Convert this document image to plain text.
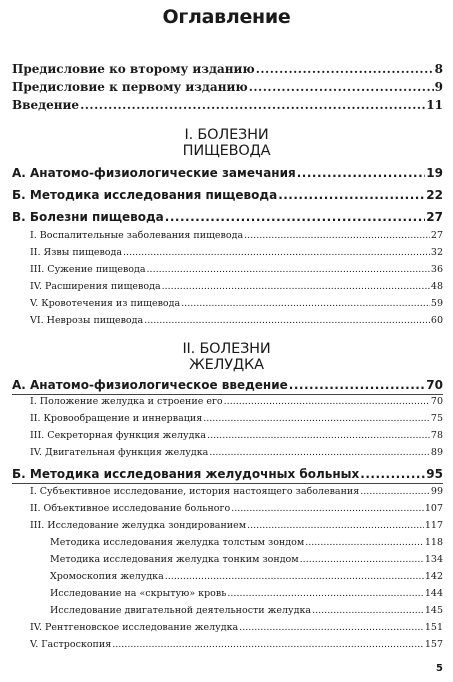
Оглавление
Предисловие ко второму изданию .....	8
Предисловие к первому изданию .....	9
Введение .....	11
I. БОЛЕЗНИ
ПИЩЕВОДА
А. Анатомо-физиологические замечания .....	19
Б. Методика исследования пищевода .....	22
В. Болезни пищевода .....	27
I. Воспалительные заболевания пищевода .....	27
II. Язвы пищевода .....	32
III. Сужение пищевода .....	36
IV. Расширения пищевода .....	48
V. Кровотечения из пищевода .....	59
VI. Неврозы пищевода .....	60
II. БОЛЕЗНИ
ЖЕЛУДКА
А. Анатомо-физиологическое введение .....	70
I. Положение желудка и строение его .....	70
II. Кровообращение и иннервация .....	75
III. Секреторная функция желудка .....	78
IV. Двигательная функция желудка .....	89
Б. Методика исследования желудочных больных .....	95
I. Субъективное исследование, история настоящего заболевания .....	99
II. Объективное исследование больного .....	107
III. Исследование желудка зондированием .....	117
Методика исследования желудка толстым зондом .....	118
Методика исследования желудка тонким зондом .....	134
Хромоскопия желудка .....	142
Исследование на «скрытую» кровь .....	144
Исследование двигательной деятельности желудка .....	145
IV. Рентгеновское исследование желудка .....	151
V. Гастроскопия .....	157
5
